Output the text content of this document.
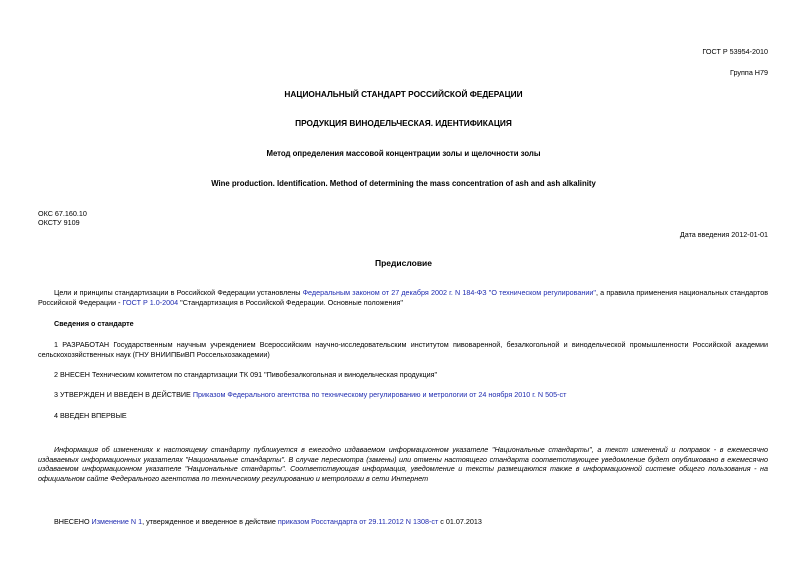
ГОСТ Р 53954-2010
Группа Н79
НАЦИОНАЛЬНЫЙ СТАНДАРТ РОССИЙСКОЙ ФЕДЕРАЦИИ
ПРОДУКЦИЯ ВИНОДЕЛЬЧЕСКАЯ. ИДЕНТИФИКАЦИЯ
Метод определения массовой концентрации золы и щелочности золы
Wine production. Identification. Method of determining the mass concentration of ash and ash alkalinity
ОКС 67.160.10
ОКСТУ 9109
Дата введения 2012-01-01
Предисловие
Цели и принципы стандартизации в Российской Федерации установлены Федеральным законом от 27 декабря 2002 г. N 184-ФЗ "О техническом регулировании", а правила применения национальных стандартов Российской Федерации - ГОСТ Р 1.0-2004 "Стандартизация в Российской Федерации. Основные положения"
Сведения о стандарте
1 РАЗРАБОТАН Государственным научным учреждением Всероссийским научно-исследовательским институтом пивоваренной, безалкогольной и винодельческой промышленности Российской академии сельскохозяйственных наук (ГНУ ВНИИПБиВП Россельхозакадемии)
2 ВНЕСЕН Техническим комитетом по стандартизации ТК 091 "Пивобезалкогольная и винодельческая продукция"
3 УТВЕРЖДЕН И ВВЕДЕН В ДЕЙСТВИЕ Приказом Федерального агентства по техническому регулированию и метрологии от 24 ноября 2010 г. N 505-ст
4 ВВЕДЕН ВПЕРВЫЕ
Информация об изменениях к настоящему стандарту публикуется в ежегодно издаваемом информационном указателе "Национальные стандарты", а текст изменений и поправок - в ежемесячно издаваемых информационных указателях "Национальные стандарты". В случае пересмотра (замены) или отмены настоящего стандарта соответствующее уведомление будет опубликовано в ежемесячно издаваемом информационном указателе "Национальные стандарты". Соответствующая информация, уведомление и тексты размещаются также в информационной системе общего пользования - на официальном сайте Федерального агентства по техническому регулированию и метрологии в сети Интернет
ВНЕСЕНО Изменение N 1, утвержденное и введенное в действие приказом Росстандарта от 29.11.2012 N 1308-ст с 01.07.2013
